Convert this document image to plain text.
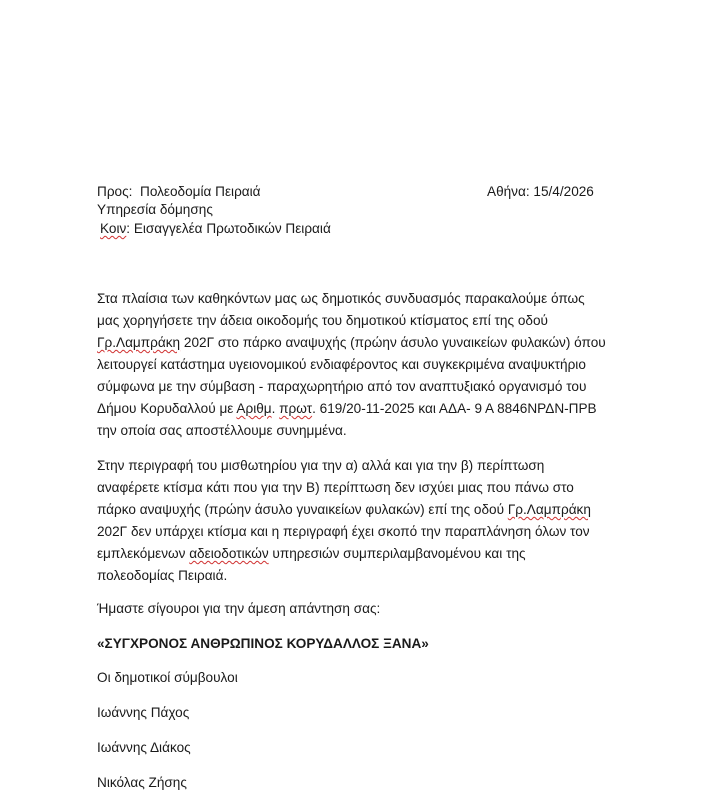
Προς: Πολεοδομία Πειραιά	Αθήνα: 15/4/2026
Υπηρεσία δόμησης
Κοιν: Εισαγγελέα Πρωτοδικών Πειραιά
Στα πλαίσια των καθηκόντων μας ως δημοτικός συνδυασμός παρακαλούμε όπως
μας χορηγήσετε την άδεια οικοδομής του δημοτικού κτίσματος επί της οδού
Γρ.Λαμπράκη 202Γ στο πάρκο αναψυχής (πρώην άσυλο γυναικείων φυλακών) όπου
λειτουργεί κατάστημα υγειονομικού ενδιαφέροντος και συγκεκριμένα αναψυκτήριο
σύμφωνα με την σύμβαση - παραχωρητήριο από τον αναπτυξιακό οργανισμό του
Δήμου Κορυδαλλού με Αριθμ. πρωτ. 619/20-11-2025 και ΑΔΑ- 9 Α 8846ΝΡΔΝ-ΠΡΒ
την οποία σας αποστέλλουμε συνημμένα.
Στην περιγραφή του μισθωτηρίου για την α) αλλά και για την β) περίπτωση
αναφέρετε κτίσμα κάτι που για την Β) περίπτωση δεν ισχύει μιας που πάνω στο
πάρκο αναψυχής (πρώην άσυλο γυναικείων φυλακών) επί της οδού Γρ.Λαμπράκη
202Γ δεν υπάρχει κτίσμα και η περιγραφή έχει σκοπό την παραπλάνηση όλων τον
εμπλεκόμενων αδειοδοτικών υπηρεσιών συμπεριλαμβανομένου και της
πολεοδομίας Πειραιά.
Ήμαστε σίγουροι για την άμεση απάντηση σας:
«ΣΥΓΧΡΟΝΟΣ ΑΝΘΡΩΠΙΝΟΣ ΚΟΡΥΔΑΛΛΟΣ ΞΑΝΑ»
Οι δημοτικοί σύμβουλοι
Ιωάννης Πάχος
Ιωάννης Διάκος
Νικόλας Ζήσης
